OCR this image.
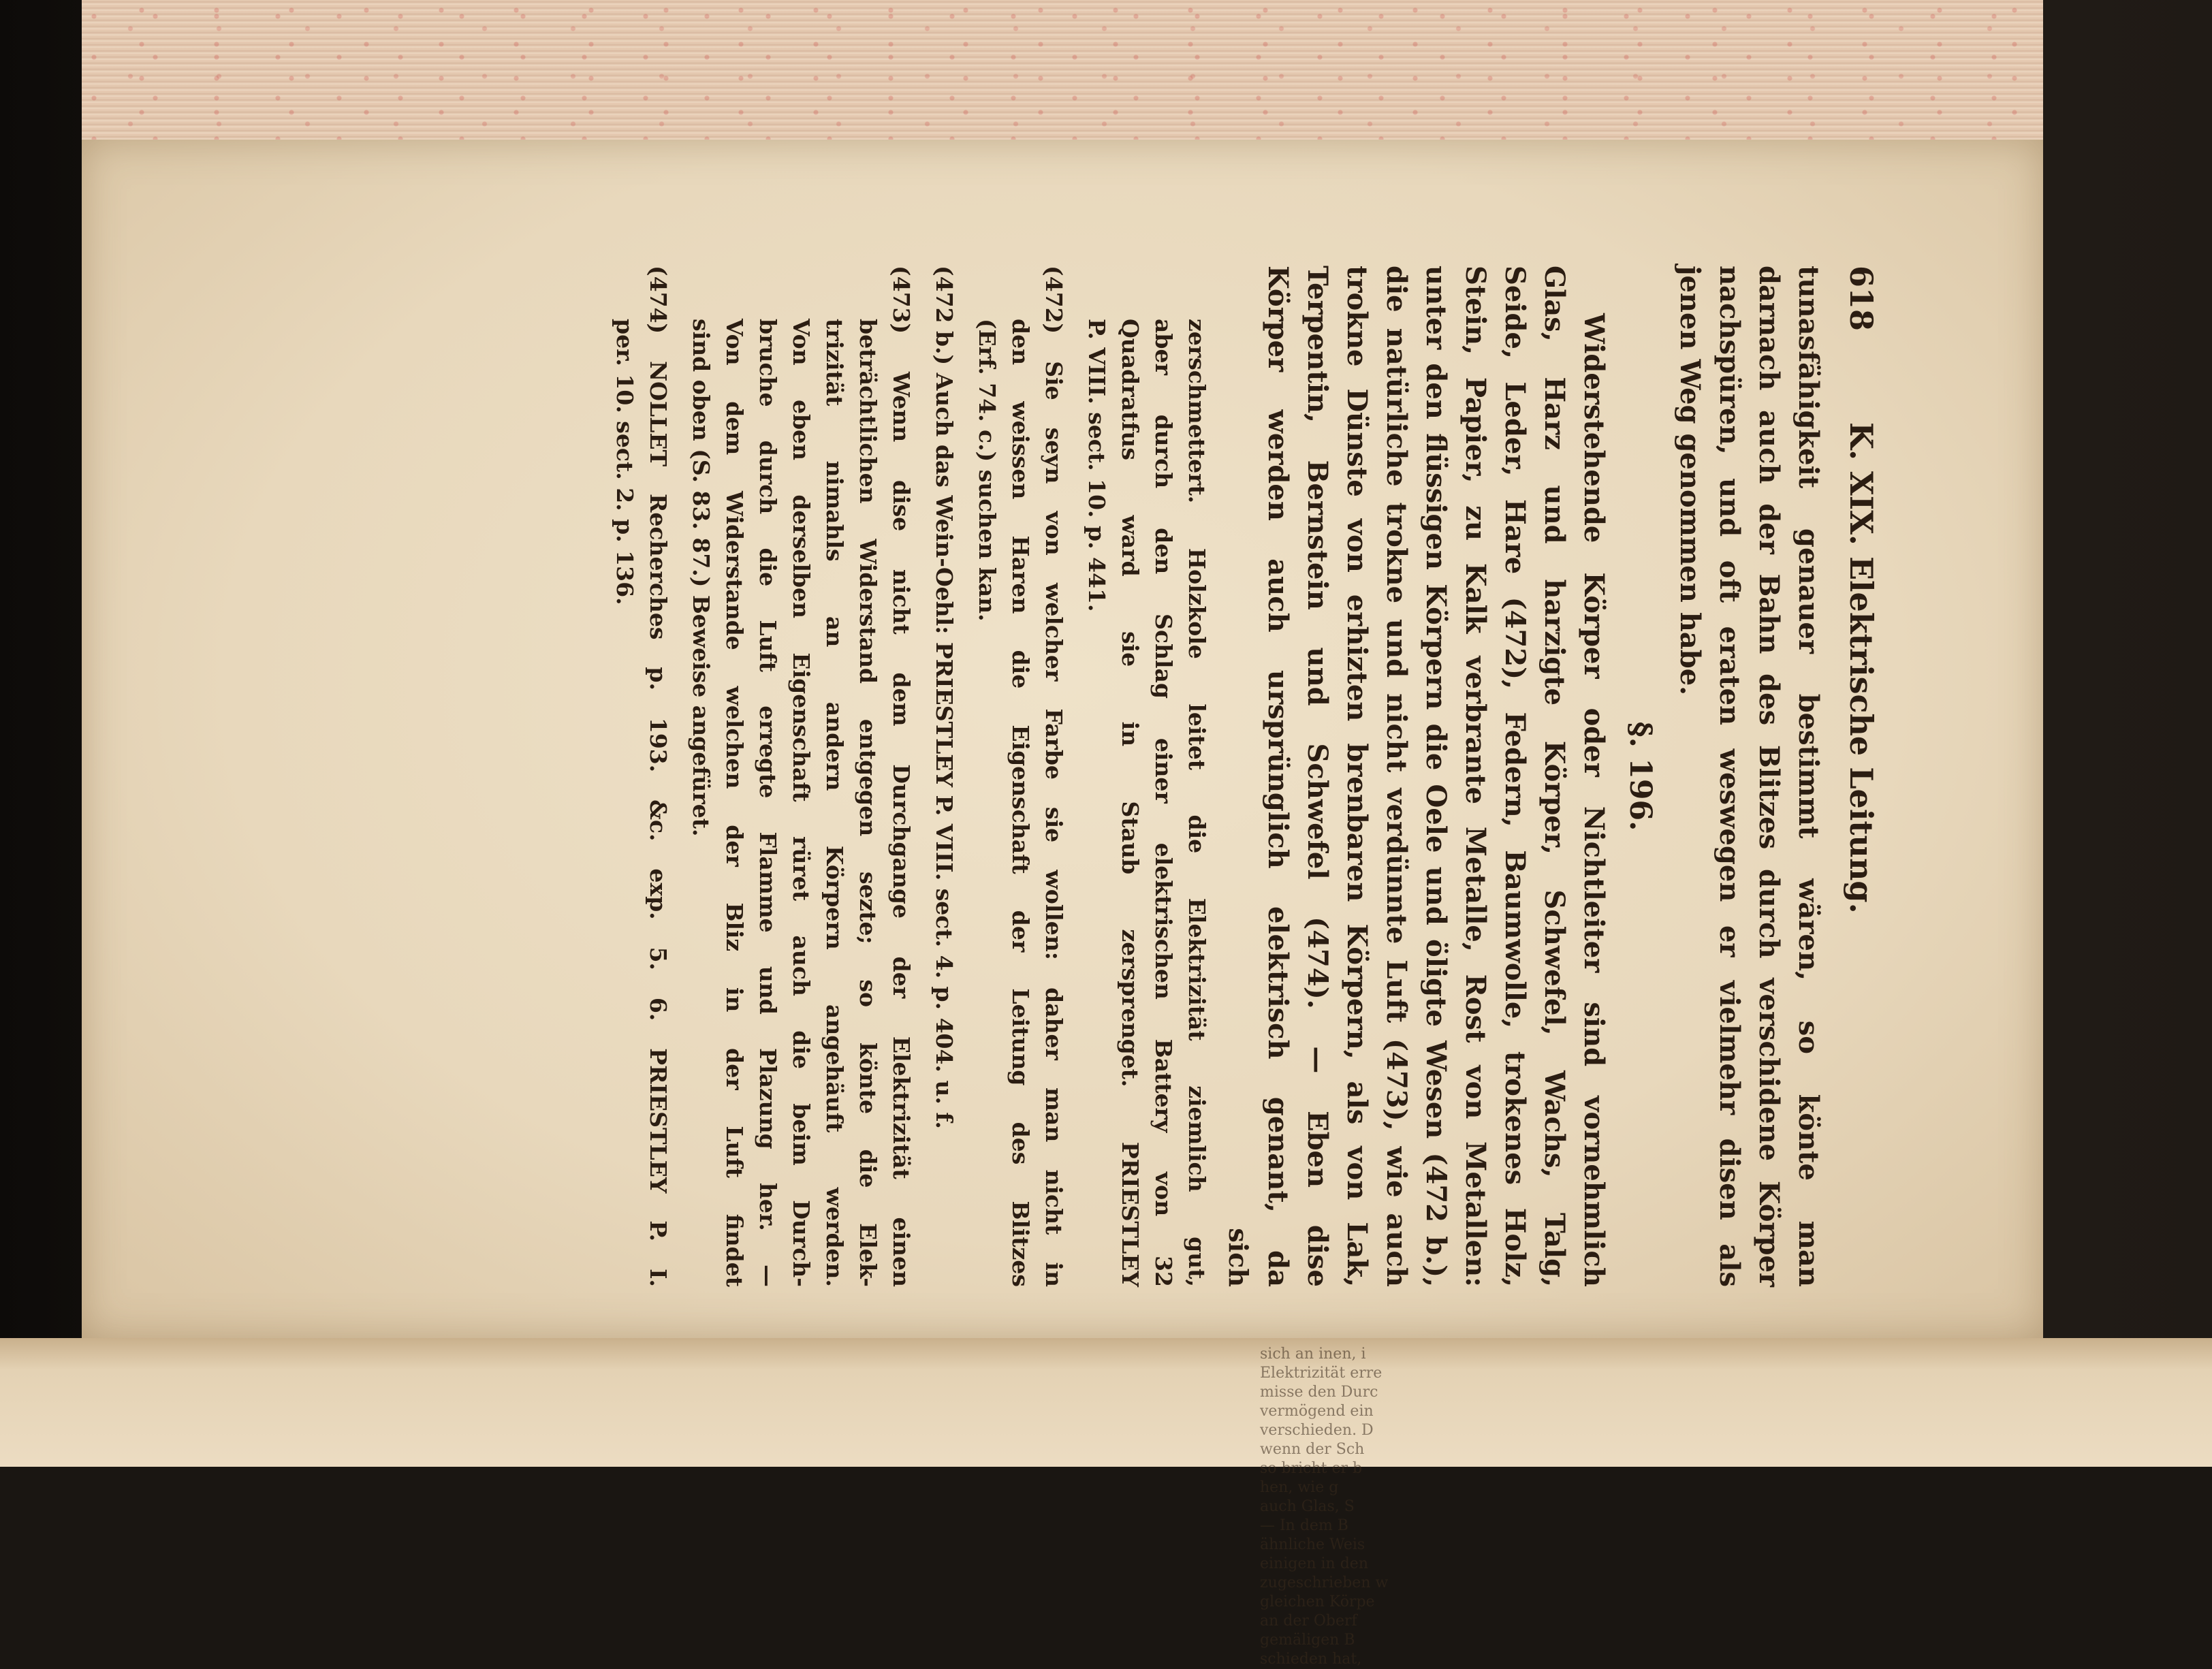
sich an inen, i
Elektrizität erre
misse den Durc
vermögend ein
verschieden. D
wenn der Sch
so bricht er b
hen, wie g
auch Glas, S
— In dem B
ähnliche Weis
einigen in den
zugeschrieben w
gleichen Körpe
an der Oberf
gemäligen B
schieden hat,
618
K. XIX. Elektrische Leitung.
tunasfähigkeit genauer bestimmt wären, so könte man
darnach auch der Bahn des Blitzes durch verschidene Körper
nachspüren, und oft eraten weswegen er vielmehr disen als
jenen Weg genommen habe.
§. 196.
Widerstehende Körper oder Nichtleiter sind vornehmlich
Glas, Harz und harzigte Körper, Schwefel, Wachs, Talg,
Seide, Leder, Hare (472), Federn, Baumwolle, trokenes Holz,
Stein, Papier, zu Kalk verbrante Metalle, Rost von Metallen:
unter den flüssigen Körpern die Oele und öligte Wesen (472 b.),
die natürliche trokne und nicht verdünnte Luft (473), wie auch
trokne Dünste von erhizten brenbaren Körpern, als von Lak,
Terpentin, Bernstein und Schwefel (474). — Eben dise
Körper werden auch ursprünglich elektrisch genant, da
sich
zerschmettert. Holzkole leitet die Elektrizität ziemlich gut,
aber durch den Schlag einer elektrischen Battery von 32
Quadratfus ward sie in Staub zersprenget. PRIESTLEY
P. VIII. sect. 10. p. 441.
(472) Sie seyn von welcher Farbe sie wollen: daher man nicht in
den weissen Haren die Eigenschaft der Leitung des Blitzes
(Erf. 74. c.) suchen kan.
(472 b.) Auch das Wein-Oehl: PRIESTLEY P. VIII. sect. 4. p. 404. u. f.
(473) Wenn dise nicht dem Durchgange der Elektrizität einen
beträchtlichen Widerstand entgegen sezte; so könte die Elek-
trizität nimahls an andern Körpern angehäuft werden.
Von eben derselben Eigenschaft rüret auch die beim Durch-
bruche durch die Luft erregte Flamme und Plazung her. —
Von dem Widerstande welchen der Bliz in der Luft findet
sind oben (S. 83. 87.) Beweise angefüret.
(474) NOLLET Recherches p. 193. &c. exp. 5. 6. PRIESTLEY P. I.
per. 10. sect. 2. p. 136.
